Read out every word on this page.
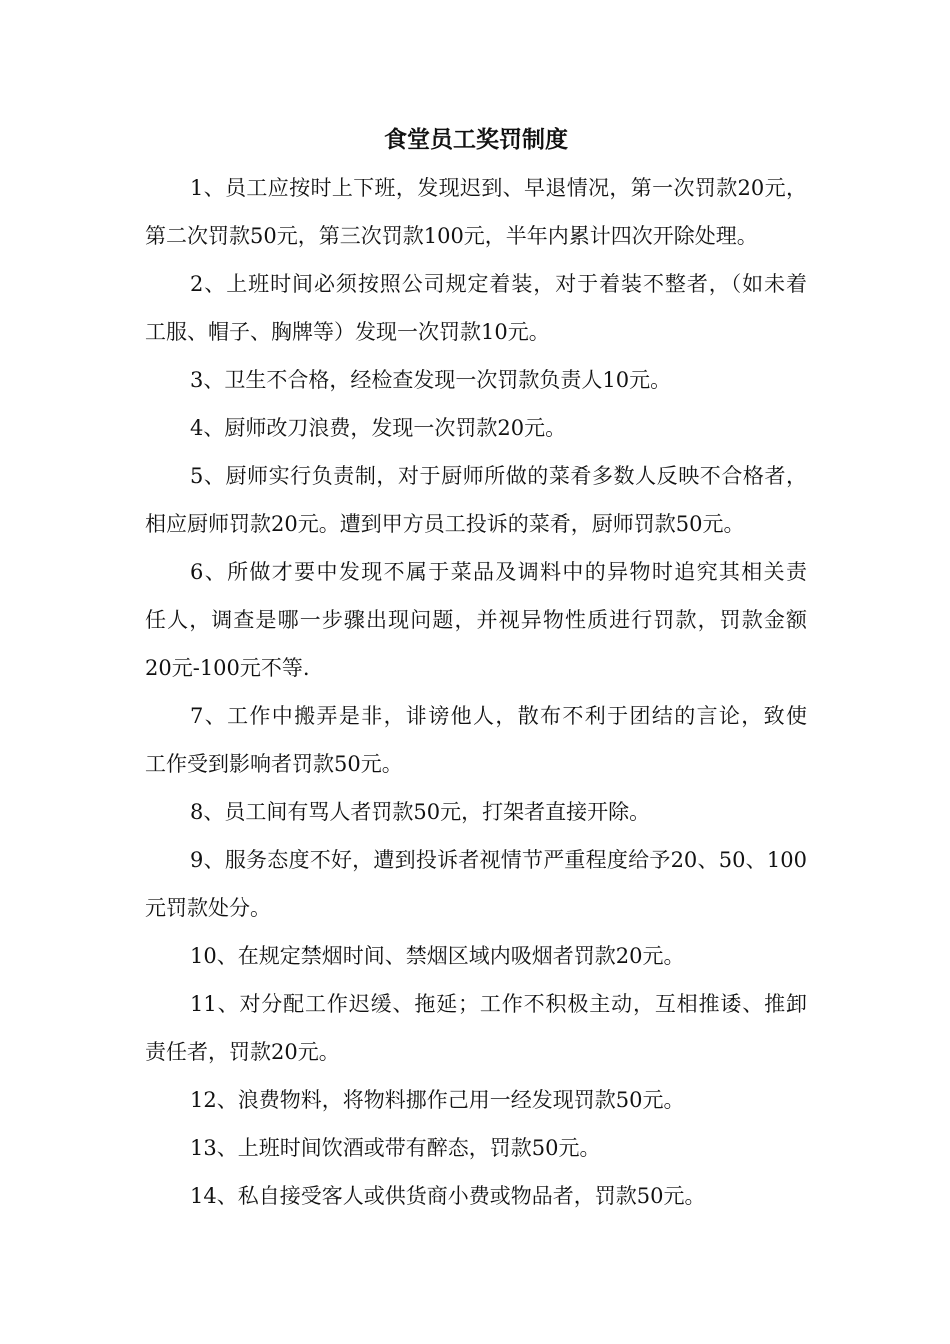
食堂员工奖罚制度
1、员工应按时上下班，发现迟到、早退情况，第一次罚款20元，
第二次罚款50元，第三次罚款100元，半年内累计四次开除处理。
2、上班时间必须按照公司规定着装，对于着装不整者，（如未着
工服、帽子、胸牌等）发现一次罚款10元。
3、卫生不合格，经检查发现一次罚款负责人10元。
4、厨师改刀浪费，发现一次罚款20元。
5、厨师实行负责制，对于厨师所做的菜肴多数人反映不合格者，
相应厨师罚款20元。遭到甲方员工投诉的菜肴，厨师罚款50元。
6、所做才要中发现不属于菜品及调料中的异物时追究其相关责
任人，调查是哪一步骤出现问题，并视异物性质进行罚款，罚款金额
20元-100元不等.
7、工作中搬弄是非，诽谤他人，散布不利于团结的言论，致使
工作受到影响者罚款50元。
8、员工间有骂人者罚款50元，打架者直接开除。
9、服务态度不好，遭到投诉者视情节严重程度给予20、50、100
元罚款处分。
10、在规定禁烟时间、禁烟区域内吸烟者罚款20元。
11、对分配工作迟缓、拖延；工作不积极主动，互相推诿、推卸
责任者，罚款20元。
12、浪费物料，将物料挪作己用一经发现罚款50元。
13、上班时间饮酒或带有醉态，罚款50元。
14、私自接受客人或供货商小费或物品者，罚款50元。
